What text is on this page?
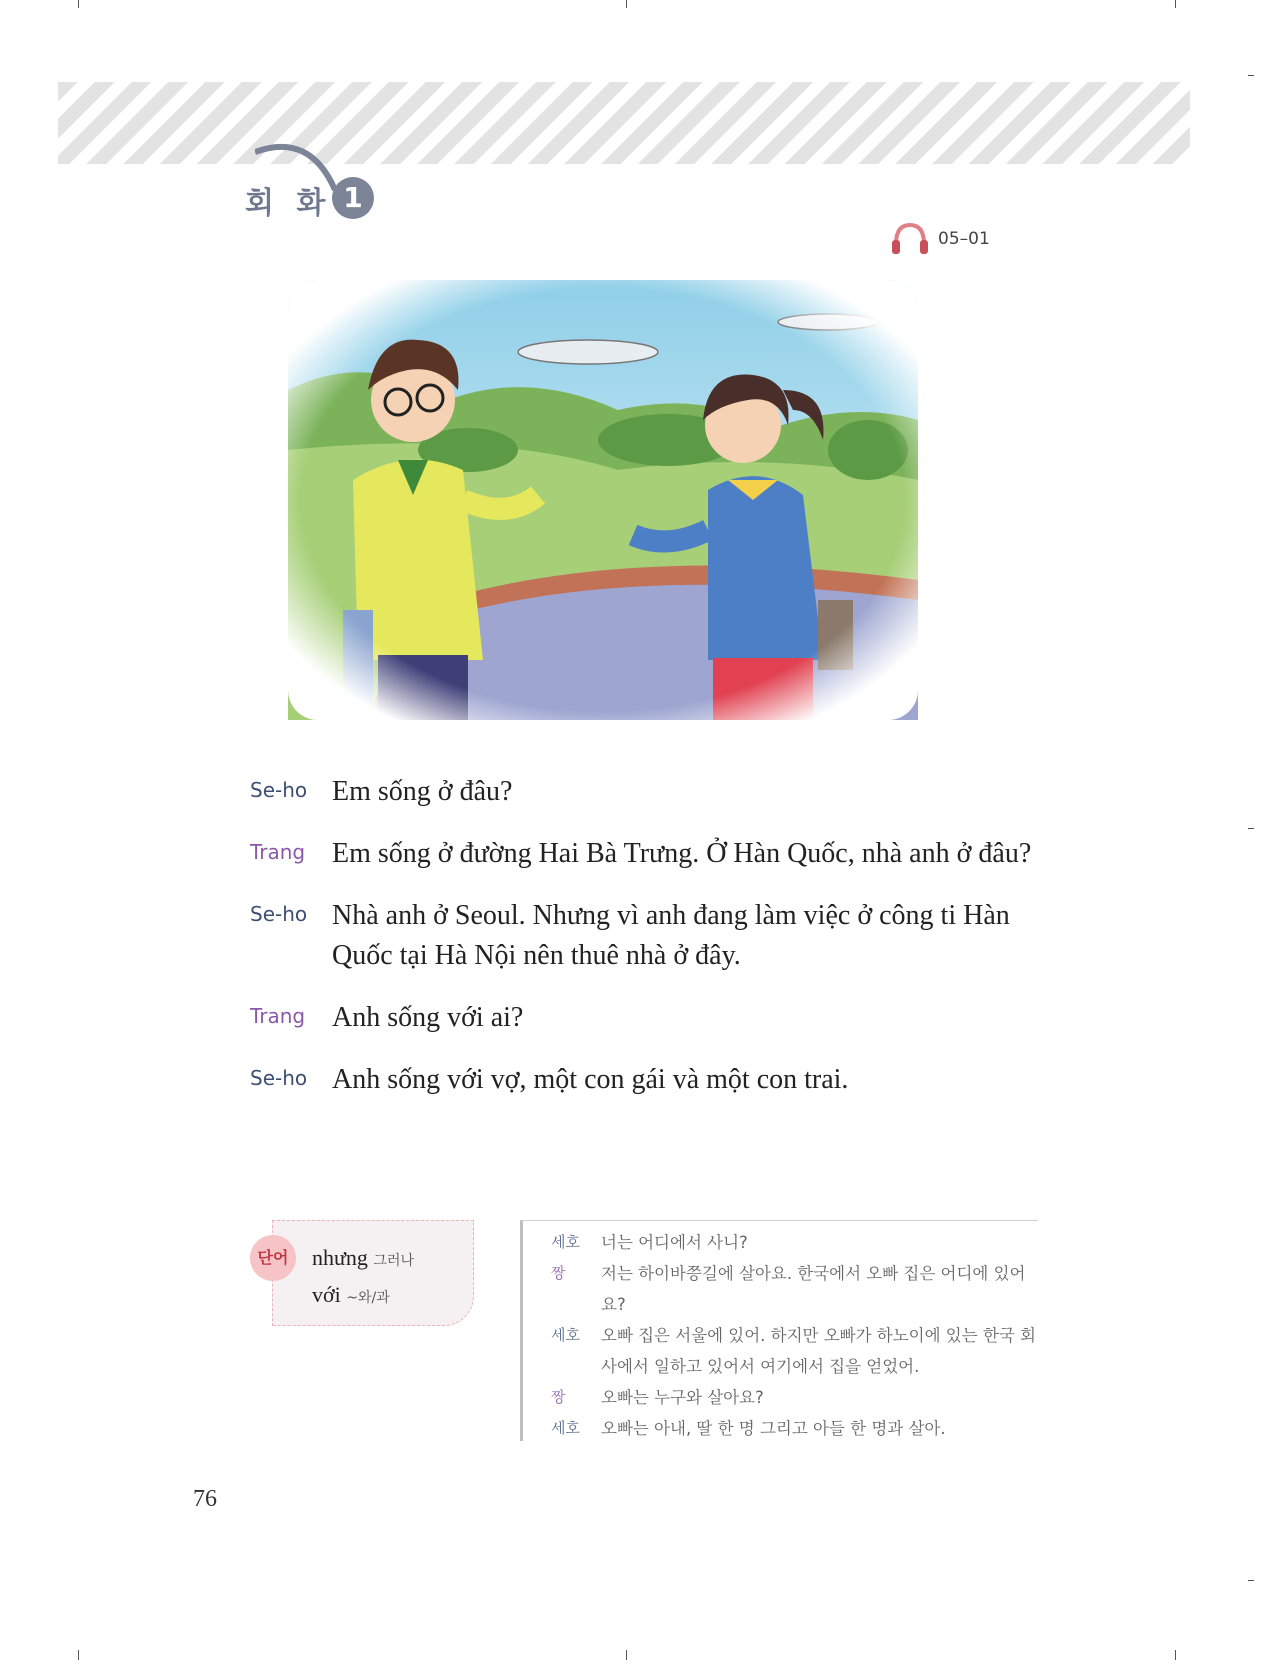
회 화 1
05–01
Se-ho Em sống ở đâu?
Trang Em sống ở đường Hai Bà Trưng. Ở Hàn Quốc, nhà anh ở đâu?
Se-ho Nhà anh ở Seoul. Nhưng vì anh đang làm việc ở công ti Hàn Quốc tại Hà Nội nên thuê nhà ở đây.
Trang Anh sống với ai?
Se-ho Anh sống với vợ, một con gái và một con trai.
단어	nhưng 그러나
với ~와/과
세호	너는 어디에서 사니?
짱	저는 하이바쯩길에 살아요. 한국에서 오빠 집은 어디에 있어요?
세호	오빠 집은 서울에 있어. 하지만 오빠가 하노이에 있는 한국 회사에서 일하고 있어서 여기에서 집을 얻었어.
짱	오빠는 누구와 살아요?
세호	오빠는 아내, 딸 한 명 그리고 아들 한 명과 살아.
76
